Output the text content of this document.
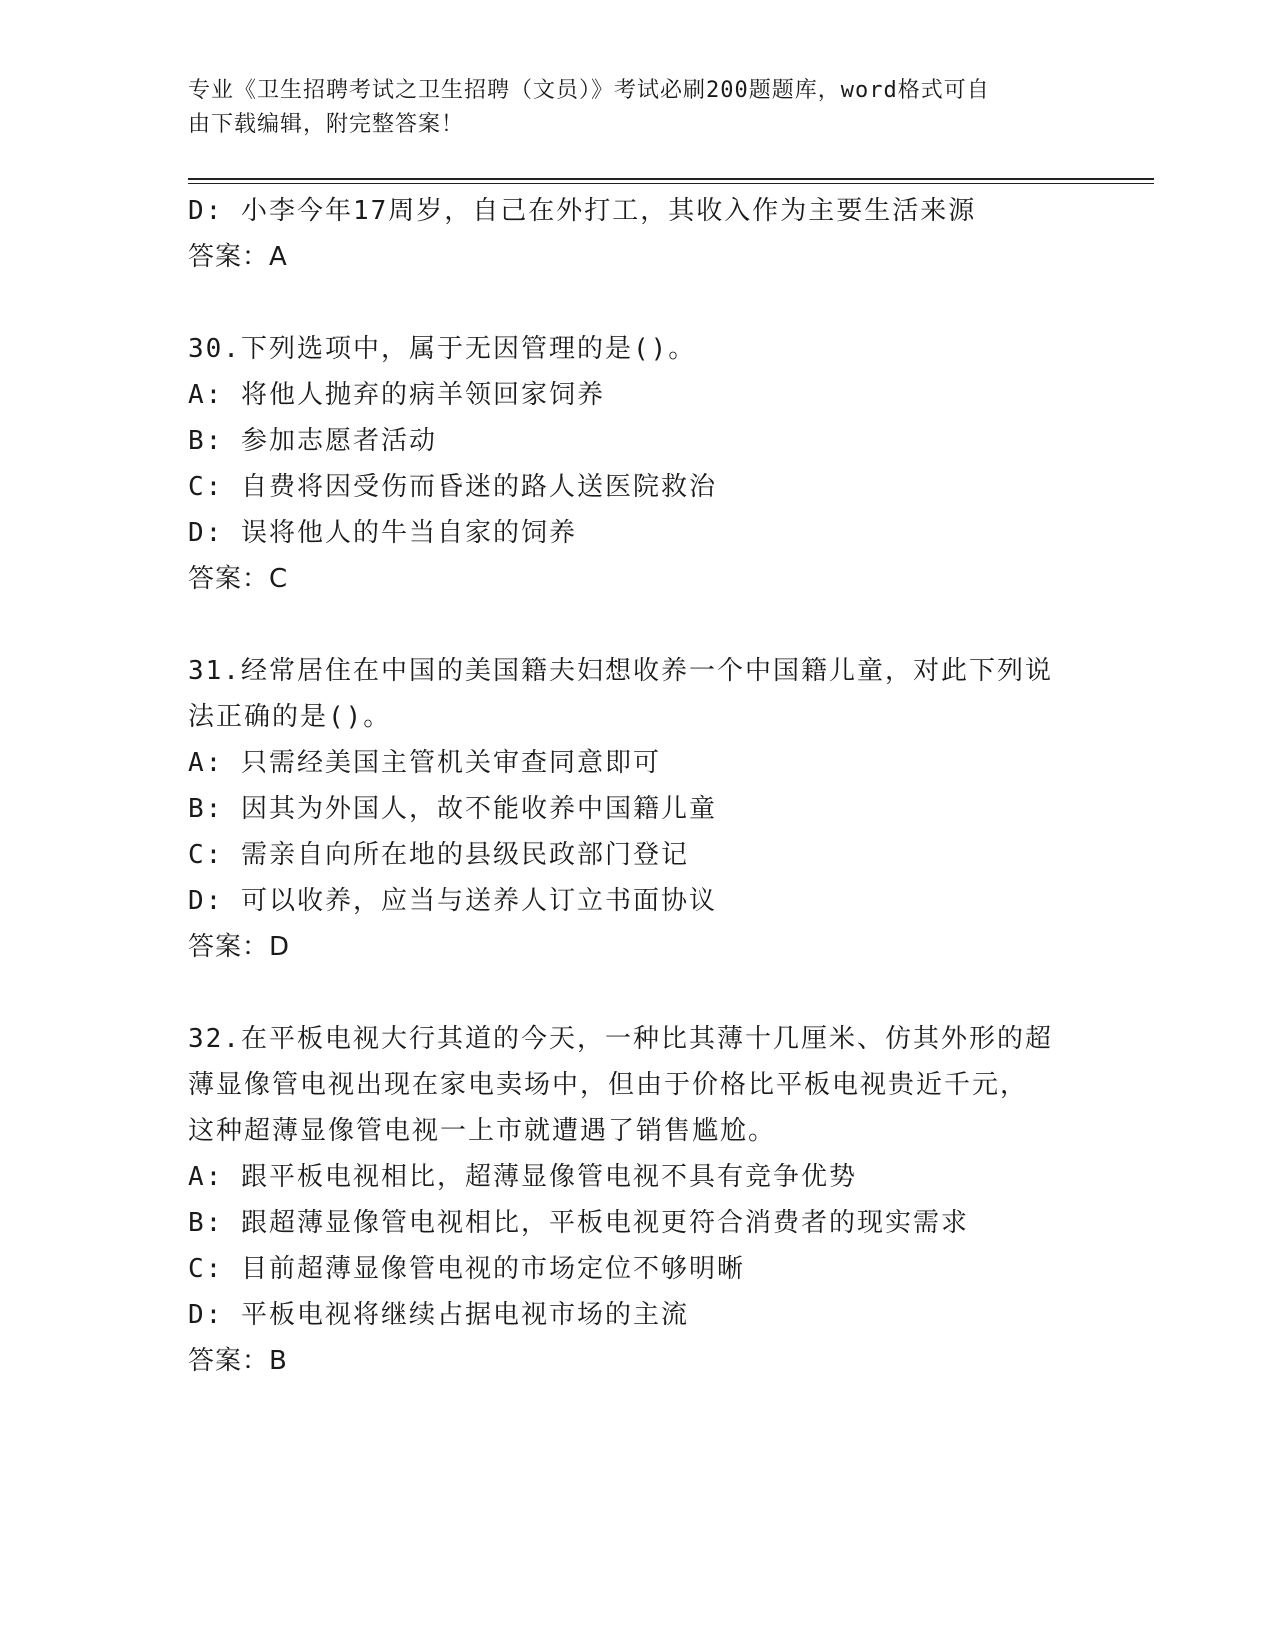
专业《卫生招聘考试之卫生招聘（文员）》考试必刷200题题库，word格式可自
由下载编辑，附完整答案！
D: 小李今年17周岁，自己在外打工，其收入作为主要生活来源
答案：A
30.下列选项中，属于无因管理的是()。
A: 将他人抛弃的病羊领回家饲养
B: 参加志愿者活动
C: 自费将因受伤而昏迷的路人送医院救治
D: 误将他人的牛当自家的饲养
答案：C
31.经常居住在中国的美国籍夫妇想收养一个中国籍儿童，对此下列说
法正确的是()。
A: 只需经美国主管机关审查同意即可
B: 因其为外国人，故不能收养中国籍儿童
C: 需亲自向所在地的县级民政部门登记
D: 可以收养，应当与送养人订立书面协议
答案：D
32.在平板电视大行其道的今天，一种比其薄十几厘米、仿其外形的超
薄显像管电视出现在家电卖场中，但由于价格比平板电视贵近千元，
这种超薄显像管电视一上市就遭遇了销售尴尬。
A: 跟平板电视相比，超薄显像管电视不具有竞争优势
B: 跟超薄显像管电视相比，平板电视更符合消费者的现实需求
C: 目前超薄显像管电视的市场定位不够明晰
D: 平板电视将继续占据电视市场的主流
答案：B
